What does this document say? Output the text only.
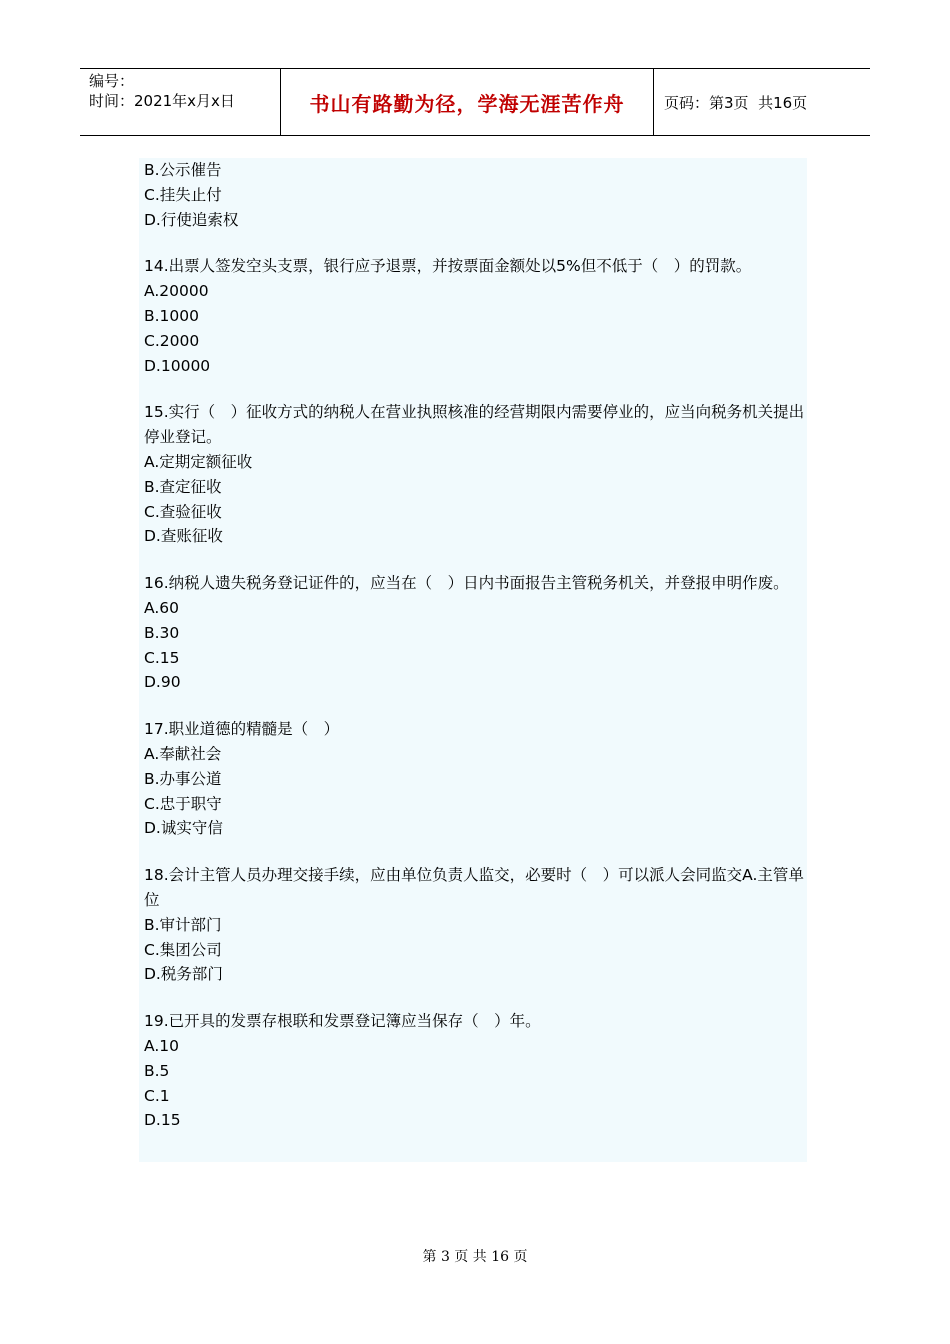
编号：
时间：2021年x月x日	书山有路勤为径，学海无涯苦作舟	页码：第3页  共16页
B.公示催告
C.挂失止付
D.行使追索权
14.出票人签发空头支票，银行应予退票，并按票面金额处以5%但不低于（　）的罚款。
A.20000
B.1000
C.2000
D.10000
15.实行（　）征收方式的纳税人在营业执照核准的经营期限内需要停业的，应当向税务机关提出停业登记。
A.定期定额征收
B.查定征收
C.查验征收
D.查账征收
16.纳税人遗失税务登记证件的，应当在（　）日内书面报告主管税务机关，并登报申明作废。
A.60
B.30
C.15
D.90
17.职业道德的精髓是（　）
A.奉献社会
B.办事公道
C.忠于职守
D.诚实守信
18.会计主管人员办理交接手续，应由单位负责人监交，必要时（　）可以派人会同监交A.主管单位
B.审计部门
C.集团公司
D.税务部门
19.已开具的发票存根联和发票登记簿应当保存（　）年。
A.10
B.5
C.1
D.15
第 3 页 共 16 页
